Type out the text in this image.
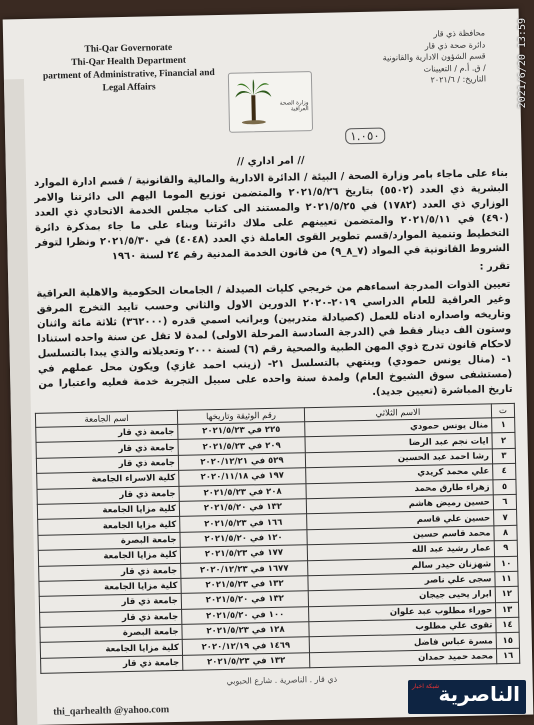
Thi-Qar Governorate
Thi-Qar Health Department
partment of Administrative, Financial and
Legal Affairs
محافظة ذي قار
دائرة صحة ذي قار
قسم الشؤون الادارية والقانونية
/ ق. أ.م / التعيينات
التاريخ: / ۲۰۲۱/٦
وزارة الصحة العراقية
١.٠٥٠
// امر اداري //

بناء على ماجاء بامر وزارة الصحة / البيئة / الدائرة الادارية والمالية والقانونية / قسم ادارة الموارد البشرية ذي العدد (٥٥٠٢) بتاريخ ٢٠٢١/٥/٢٦ والمتضمن توزيع الموما اليهم الى دائرتنا والامر الوزاري ذي العدد (١٧٨٢) في ٢٠٢١/٥/٢٥ والمستند الى كتاب مجلس الخدمة الاتحادي ذي العدد (٤٩٠) في ٢٠٢١/٥/١١ والمتضمن تعيينهم على ملاك دائرتنا وبناء على ما جاء بمذكرة دائرة التخطيط وتنمية الموارد/قسم تطوير القوى العاملة ذي العدد (٤٠٤٨) في ٢٠٢١/٥/٣٠ ونظرا لتوفر الشروط القانونية في المواد (٧_٨_٩) من قانون الخدمة المدنية رقم ٢٤ لسنة ١٩٦٠

تقرر :

تعيين الذوات المدرجة اسماءهم من خريجي كليات الصيدلة / الجامعات الحكومية والاهلية العراقية وغير العراقية للعام الدراسي ٢٠١٩-٢٠٢٠ الدورين الاول والثاني وحسب تاييد التخرج المرفق وتاريخه واصداره ادناه للعمل (كصيادلة متدربين) وبراتب اسمي قدره (٣٦٢٠٠٠) ثلاثة مائة واثنان وستون الف دينار فقط في (الدرجة السادسة المرحلة الاولى) لمدة لا تقل عن سنة واحده استنادا لاحكام قانون تدرج ذوي المهن الطبية والصحية رقم (٦) لسنة ٢٠٠٠ وتعديلاته والذي يبدا بالتسلسل ١- (منال يونس حمودي) وينتهي بالتسلسل ٢١- (زينب احمد غازي) ويكون محل عملهم في (مستشفى سوق الشيوخ العام) ولمدة سنة واحده على سبيل التجربة خدمة فعليه واعتبارا من تاريخ المباشرة (تعيين جديد).

ت	الاسم الثلاثي	رقم الوثيقة وتاريخها	اسم الجامعة
١	منال يونس حمودي	٢٢٥ في ٢٠٢١/٥/٢٣	جامعة ذي قار
٢	ايات نجم عبد الرضا	٢٠٩ في ٢٠٢١/٥/٢٣	جامعة ذي قار
٣	رشا احمد عبد الحسين	٥٢٩ في ٢٠٢٠/١٢/٢١	جامعة ذي قار
٤	علي محمد كريدي	١٩٧ في ٢٠٢٠/١١/١٨	كلية الاسراء الجامعة
٥	زهراء طارق محمد	٢٠٨ في ٢٠٢١/٥/٢٣	جامعة ذي قار
٦	حسين رميض هاشم	١٣٢ في ٢٠٢١/٥/٢٠	كلية مزايا الجامعة
٧	حسين علي قاسم	١٦٦ في ٢٠٢١/٥/٢٣	كلية مزايا الجامعة
٨	محمد قاسم حسين	١٢٠ في ٢٠٢١/٥/٢٠	جامعة البصرة
٩	عمار رشيد عبد الله	١٧٧ في ٢٠٢١/٥/٢٣	كلية مزايا الجامعة
١٠	شهزنان حيدر سالم	١٦٧٧ في ٢٠٢٠/١٢/٢٣	جامعة ذي قار
١١	سجى علي ناصر	١٣٢ في ٢٠٢١/٥/٢٣	كلية مزايا الجامعة
١٢	ابرار يحيى جيجان	١٣٢ في ٢٠٢١/٥/٢٠	جامعة ذي قار
١٣	حوراء مطلوب عبد علوان	١٠٠ في ٢٠٢١/٥/٢٠	جامعة ذي قار
١٤	تقوى علي مطلوب	١٢٨ في ٢٠٢١/٥/٢٣	جامعة البصرة
١٥	مسرة عباس فاضل	١٤٦٩ في ٢٠٢٠/١٢/١٩	كلية مزايا الجامعة
١٦	محمد حميد حمدان	١٣٢ في ٢٠٢١/٥/٢٣	جامعة ذي قار
ذي قار . الناصرية . شارع الحبوبي
thi_qarhealth @yahoo.com
2021/6/20 13:59
شبكة اخبار الناصرية
